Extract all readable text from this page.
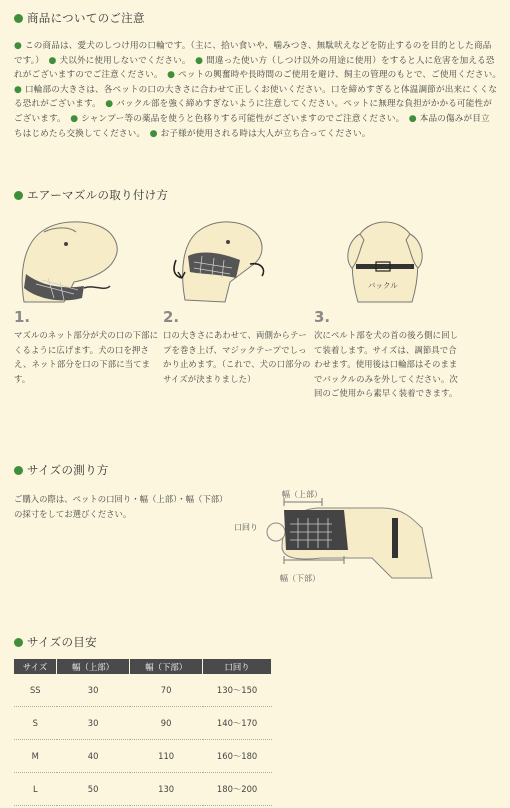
商品についてのご注意
● この商品は、愛犬のしつけ用の口輪です。（主に、拾い食いや、噛みつき、無駄吠えなどを防止するのを目的とした商品です。）　● 犬以外に使用しないでください。　● 間違った使い方（しつけ以外の用途に使用）をすると人に危害を加える恐れがございますのでご注意ください。　● ペットの興奮時や長時間のご使用を避け、飼主の管理のもとで、ご使用ください。　● 口輪部の大きさは、各ペットの口の大きさに合わせて正しくお使いください。口を締めすぎると体温調節が出来にくくなる恐れがございます。　● バックル部を強く締めすぎないように注意してください。ペットに無理な負担がかかる可能性がございます。　● シャンプー等の薬品を使うと色移りする可能性がございますのでご注意ください。　● 本品の傷みが目立ちはじめたら交換してください。　● お子様が使用される時は大人が立ち合ってください。　
エアーマズルの取り付け方
バックル
1.
マズルのネット部分が犬の口の下部にくるように広げます。犬の口を押さえ、ネット部分を口の下部に当てます。
2.
口の大きさにあわせて、両側からテープを巻き上げ、マジックテープでしっかり止めます。（これで、犬の口部分のサイズが決まりました）
3.
次にベルト部を犬の首の後ろ側に回して装着します。サイズは、調節具で合わせます。使用後は口輪部はそのままでバックルのみを外してください。次回のご使用から素早く装着できます。
サイズの測り方
ご購入の際は、ペットの口回り・幅（上部）・幅（下部）の採寸をしてお選びください。
幅（上部）
口回り
幅（下部）
サイズの目安
サイズ	幅（上部）	幅（下部）	口回り
SS	30	70	130～150
S	30	90	140～170
M	40	110	160～180
L	50	130	180～200
